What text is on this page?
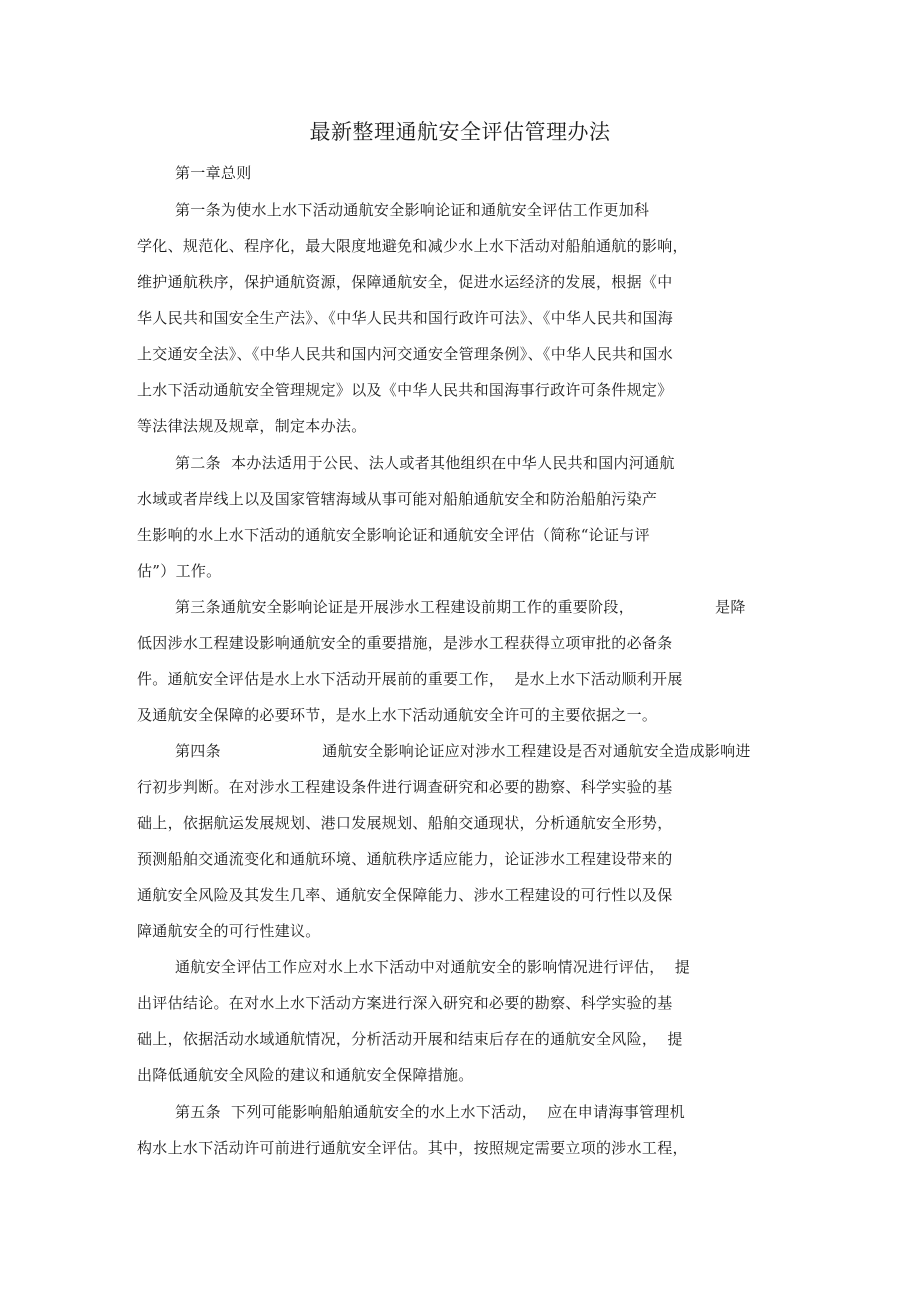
最新整理通航安全评估管理办法
第一章总则
第一条为使水上水下活动通航安全影响论证和通航安全评估工作更加科
学化、规范化、程序化，最大限度地避免和减少水上水下活动对船舶通航的影响，
维护通航秩序，保护通航资源，保障通航安全，促进水运经济的发展，根据《中
华人民共和国安全生产法》、《中华人民共和国行政许可法》、《中华人民共和国海
上交通安全法》、《中华人民共和国内河交通安全管理条例》、《中华人民共和国水
上水下活动通航安全管理规定》以及《中华人民共和国海事行政许可条件规定》
等法律法规及规章，制定本办法。
第二条  本办法适用于公民、法人或者其他组织在中华人民共和国内河通航
水域或者岸线上以及国家管辖海域从事可能对船舶通航安全和防治船舶污染产
生影响的水上水下活动的通航安全影响论证和通航安全评估（简称“论证与评
估”）工作。
第三条通航安全影响论证是开展涉水工程建设前期工作的重要阶段，                是降
低因涉水工程建设影响通航安全的重要措施，是涉水工程获得立项审批的必备条
件。通航安全评估是水上水下活动开展前的重要工作，  是水上水下活动顺利开展
及通航安全保障的必要环节，是水上水下活动通航安全许可的主要依据之一。
第四条                    通航安全影响论证应对涉水工程建设是否对通航安全造成影响进
行初步判断。在对涉水工程建设条件进行调查研究和必要的勘察、科学实验的基
础上，依据航运发展规划、港口发展规划、船舶交通现状，分析通航安全形势，
预测船舶交通流变化和通航环境、通航秩序适应能力，论证涉水工程建设带来的
通航安全风险及其发生几率、通航安全保障能力、涉水工程建设的可行性以及保
障通航安全的可行性建议。
通航安全评估工作应对水上水下活动中对通航安全的影响情况进行评估，  提
出评估结论。在对水上水下活动方案进行深入研究和必要的勘察、科学实验的基
础上，依据活动水域通航情况，分析活动开展和结束后存在的通航安全风险，  提
出降低通航安全风险的建议和通航安全保障措施。
第五条  下列可能影响船舶通航安全的水上水下活动，  应在申请海事管理机
构水上水下活动许可前进行通航安全评估。其中，按照规定需要立项的涉水工程，
